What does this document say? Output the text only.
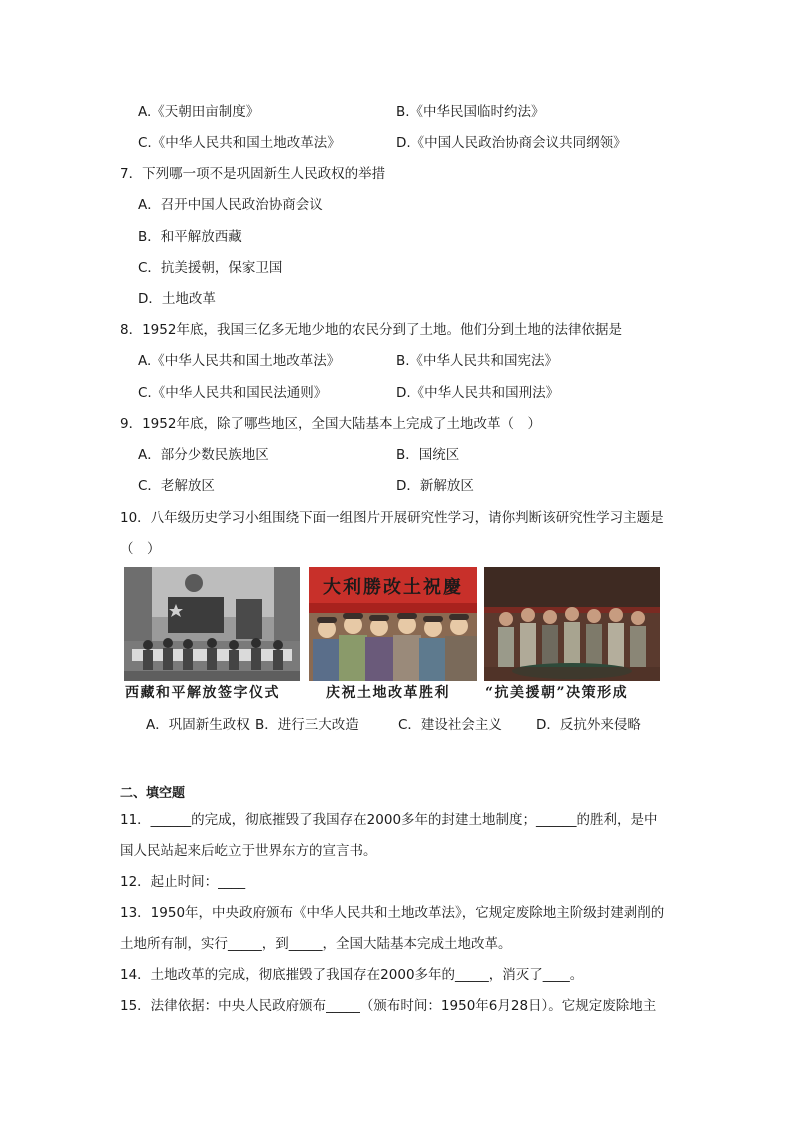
A.《天朝田亩制度》	B.《中华民国临时约法》
C.《中华人民共和国土地改革法》	D.《中国人民政治协商会议共同纲领》
7．下列哪一项不是巩固新生人民政权的举措
A．召开中国人民政治协商会议
B．和平解放西藏
C．抗美援朝，保家卫国
D．土地改革
8．1952年底，我国三亿多无地少地的农民分到了土地。他们分到土地的法律依据是
A.《中华人民共和国土地改革法》	B.《中华人民共和国宪法》
C.《中华人民共和国民法通则》	D.《中华人民共和国刑法》
9．1952年底，除了哪些地区，全国大陆基本上完成了土地改革（　）
A．部分少数民族地区	B．国统区
C．老解放区	D．新解放区
10．八年级历史学习小组围绕下面一组图片开展研究性学习，请你判断该研究性学习主题是
（　）
大利勝改土祝慶
西藏和平解放签字仪式	庆祝土地改革胜利	“抗美援朝”决策形成
A．巩固新生政权 B．进行三大改造	C．建设社会主义	D．反抗外来侵略
二、填空题
11．______的完成，彻底摧毁了我国存在2000多年的封建土地制度；______的胜利，是中
国人民站起来后屹立于世界东方的宣言书。
12．起止时间：____
13．1950年，中央政府颁布《中华人民共和土地改革法》，它规定废除地主阶级封建剥削的
土地所有制，实行_____，到_____，全国大陆基本完成土地改革。
14．土地改革的完成，彻底摧毁了我国存在2000多年的_____，消灭了____。
15．法律依据：中央人民政府颁布_____（颁布时间：1950年6月28日）。它规定废除地主
